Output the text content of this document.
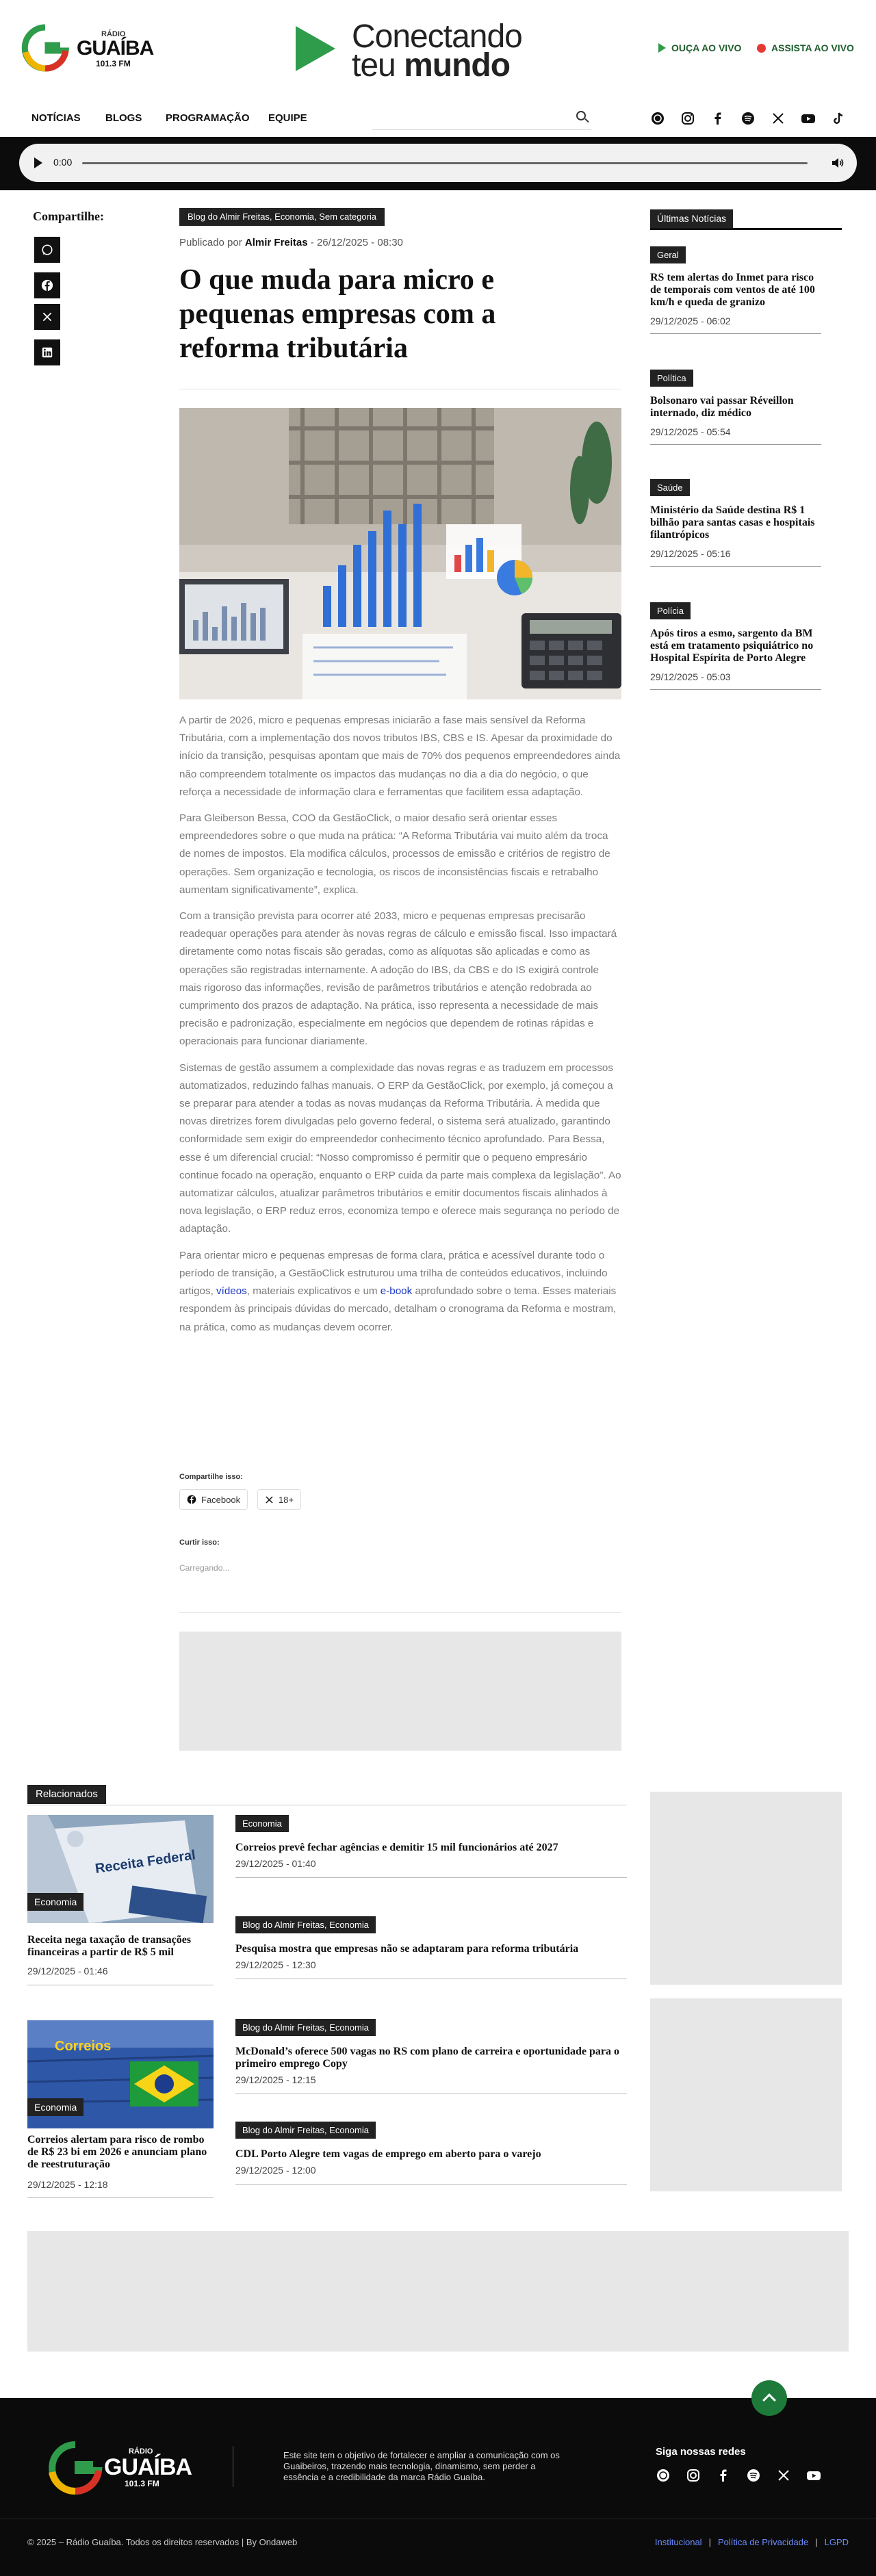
RÁDIO
GUAÍBA
101.3 FM
Conectando
teu mundo	OUÇA AO VIVO	ASSISTA AO VIVO
NOTÍCIAS BLOGS PROGRAMAÇÃO EQUIPE
0:00
Compartilhe:	Blog do Almir Freitas, Economia, Sem categoria
Publicado por Almir Freitas - 26/12/2025 - 08:30
O que muda para micro e pequenas empresas com a reforma tributária

A partir de 2026, micro e pequenas empresas iniciarão a fase mais sensível da Reforma Tributária, com a implementação dos novos tributos IBS, CBS e IS. Apesar da proximidade do início da transição, pesquisas apontam que mais de 70% dos pequenos empreendedores ainda não compreendem totalmente os impactos das mudanças no dia a dia do negócio, o que reforça a necessidade de informação clara e ferramentas que facilitem essa adaptação.

Para Gleiberson Bessa, COO da GestãoClick, o maior desafio será orientar esses empreendedores sobre o que muda na prática: “A Reforma Tributária vai muito além da troca de nomes de impostos. Ela modifica cálculos, processos de emissão e critérios de registro de operações. Sem organização e tecnologia, os riscos de inconsistências fiscais e retrabalho aumentam significativamente”, explica.

Com a transição prevista para ocorrer até 2033, micro e pequenas empresas precisarão readequar operações para atender às novas regras de cálculo e emissão fiscal. Isso impactará diretamente como notas fiscais são geradas, como as alíquotas são aplicadas e como as operações são registradas internamente. A adoção do IBS, da CBS e do IS exigirá controle mais rigoroso das informações, revisão de parâmetros tributários e atenção redobrada ao cumprimento dos prazos de adaptação. Na prática, isso representa a necessidade de mais precisão e padronização, especialmente em negócios que dependem de rotinas rápidas e operacionais para funcionar diariamente.

Sistemas de gestão assumem a complexidade das novas regras e as traduzem em processos automatizados, reduzindo falhas manuais. O ERP da GestãoClick, por exemplo, já começou a se preparar para atender a todas as novas mudanças da Reforma Tributária. À medida que novas diretrizes forem divulgadas pelo governo federal, o sistema será atualizado, garantindo conformidade sem exigir do empreendedor conhecimento técnico aprofundado. Para Bessa, esse é um diferencial crucial: “Nosso compromisso é permitir que o pequeno empresário continue focado na operação, enquanto o ERP cuida da parte mais complexa da legislação”. Ao automatizar cálculos, atualizar parâmetros tributários e emitir documentos fiscais alinhados à nova legislação, o ERP reduz erros, economiza tempo e oferece mais segurança no período de adaptação.

Para orientar micro e pequenas empresas de forma clara, prática e acessível durante todo o período de transição, a GestãoClick estruturou uma trilha de conteúdos educativos, incluindo artigos, vídeos, materiais explicativos e um e-book aprofundado sobre o tema. Esses materiais respondem às principais dúvidas do mercado, detalham o cronograma da Reforma e mostram, na prática, como as mudanças devem ocorrer.

Compartilhe isso:
Facebook	18+
Curtir isso:
Carregando...
Últimas Notícias
Geral
RS tem alertas do Inmet para risco de temporais com ventos de até 100 km/h e queda de granizo
29/12/2025 - 06:02
Política
Bolsonaro vai passar Réveillon internado, diz médico
29/12/2025 - 05:54
Saúde
Ministério da Saúde destina R$ 1 bilhão para santas casas e hospitais filantrópicos
29/12/2025 - 05:16
Polícia
Após tiros a esmo, sargento da BM está em tratamento psiquiátrico no Hospital Espírita de Porto Alegre
29/12/2025 - 05:03
Relacionados
Receita Federal
Economia
Receita nega taxação de transações financeiras a partir de R$ 5 mil
29/12/2025 - 01:46
Correios
Economia
Correios alertam para risco de rombo de R$ 23 bi em 2026 e anunciam plano de reestruturação
29/12/2025 - 12:18
Economia
Correios prevê fechar agências e demitir 15 mil funcionários até 2027
29/12/2025 - 01:40
Blog do Almir Freitas, Economia
Pesquisa mostra que empresas não se adaptaram para reforma tributária
29/12/2025 - 12:30
Blog do Almir Freitas, Economia
McDonald’s oferece 500 vagas no RS com plano de carreira e oportunidade para o primeiro emprego Copy
29/12/2025 - 12:15
Blog do Almir Freitas, Economia
CDL Porto Alegre tem vagas de emprego em aberto para o varejo
29/12/2025 - 12:00
RÁDIO
GUAÍBA
101.3 FM
Este site tem o objetivo de fortalecer e ampliar a comunicação com os Guaibeiros, trazendo mais tecnologia, dinamismo, sem perder a essência e a credibilidade da marca Rádio Guaíba.
Siga nossas redes
© 2025 – Rádio Guaíba. Todos os direitos reservados | By Ondaweb	Institucional | Política de Privacidade | LGPD
